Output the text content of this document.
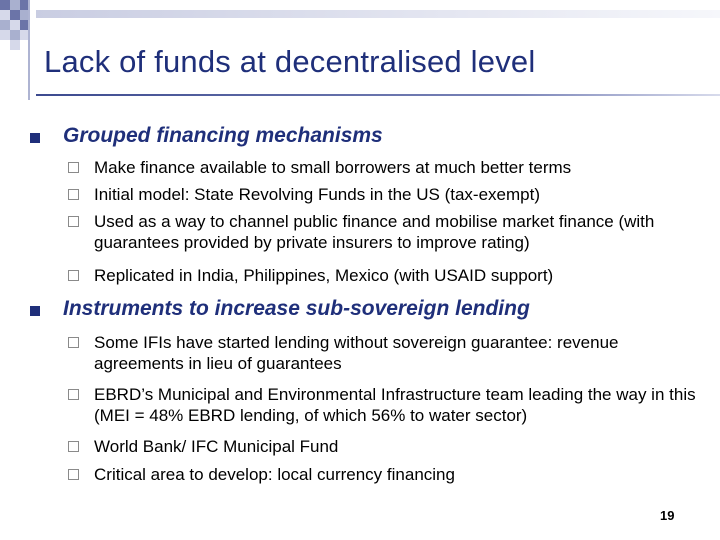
Lack of funds at decentralised level
Grouped financing mechanisms
Make finance available to small borrowers at much better terms
Initial model: State Revolving Funds in the US (tax-exempt)
Used as a way to channel public finance and mobilise market finance (with guarantees provided by private insurers to improve rating)
Replicated in India, Philippines, Mexico (with USAID support)
Instruments to increase sub-sovereign lending
Some IFIs have started lending without sovereign guarantee: revenue agreements in lieu of guarantees
EBRD’s Municipal and Environmental Infrastructure team leading the way in this (MEI = 48% EBRD lending, of which 56% to water sector)
World Bank/ IFC Municipal Fund
Critical area to develop: local currency financing
19
